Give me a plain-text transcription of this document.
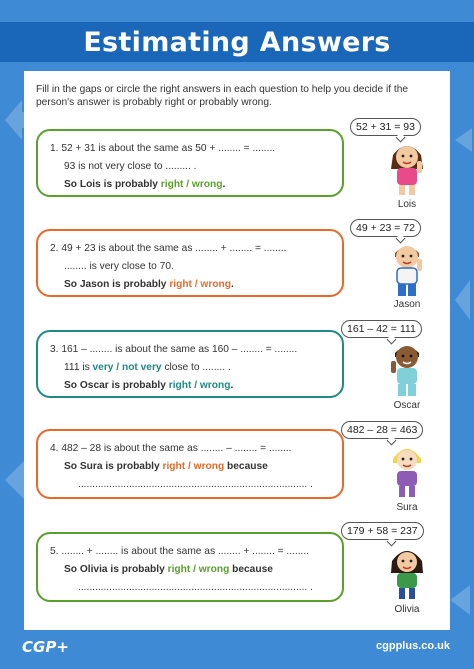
Estimating Answers
Fill in the gaps or circle the right answers in each question to help you decide if the person's answer is probably right or probably wrong.
1. 52 + 31 is about the same as 50 + ........ = ........
93 is not very close to ......... .
So Lois is probably right / wrong.
2. 49 + 23 is about the same as ........ + ........ = ........
........ is very close to 70.
So Jason is probably right / wrong.
3. 161 – ........ is about the same as 160 – ........ = ........
111 is very / not very close to ........ .
So Oscar is probably right / wrong.
4. 482 – 28 is about the same as ........ – ........ = ........
So Sura is probably right / wrong because
................................................................................. .
5. ........ + ........ is about the same as ........ + ........ = ........
So Olivia is probably right / wrong because
................................................................................. .
52 + 31 = 93
49 + 23 = 72
161 – 42 = 111
482 – 28 = 463
179 + 58 = 237
Lois
Jason
Oscar
Sura
Olivia
CGP+	cgpplus.co.uk
